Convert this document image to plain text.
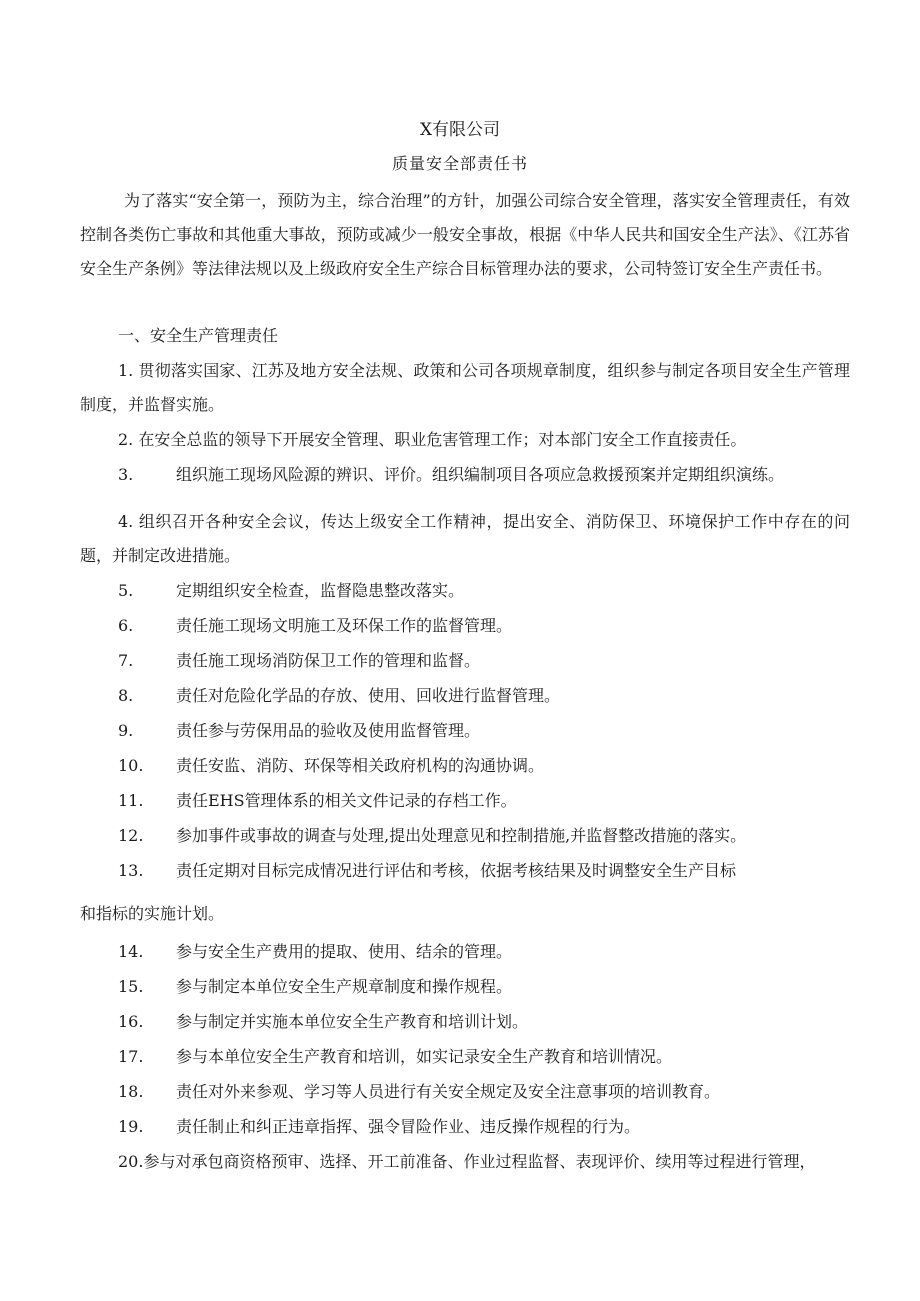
X有限公司
质量安全部责任书

为了落实“安全第一，预防为主，综合治理”的方针，加强公司综合安全管理，落实安全管理责任，有效控制各类伤亡事故和其他重大事故，预防或减少一般安全事故，根据《中华人民共和国安全生产法》、《江苏省安全生产条例》等法律法规以及上级政府安全生产综合目标管理办法的要求，公司特签订安全生产责任书。

一、安全生产管理责任

1. 贯彻落实国家、江苏及地方安全法规、政策和公司各项规章制度，组织参与制定各项目安全生产管理制度，并监督实施。

2. 在安全总监的领导下开展安全管理、职业危害管理工作；对本部门安全工作直接责任。
3.	组织施工现场风险源的辨识、评价。组织编制项目各项应急救援预案并定期组织演练。

4. 组织召开各种安全会议，传达上级安全工作精神，提出安全、消防保卫、环境保护工作中存在的问题，并制定改进措施。

5.	定期组织安全检查，监督隐患整改落实。
6.	责任施工现场文明施工及环保工作的监督管理。
7.	责任施工现场消防保卫工作的管理和监督。
8.	责任对危险化学品的存放、使用、回收进行监督管理。
9.	责任参与劳保用品的验收及使用监督管理。
10. 责任安监、消防、环保等相关政府机构的沟通协调。
11. 责任EHS管理体系的相关文件记录的存档工作。
12. 参加事件或事故的调查与处理,提出处理意见和控制措施,并监督整改措施的落实。
13. 责任定期对目标完成情况进行评估和考核，依据考核结果及时调整安全生产目标
和指标的实施计划。
14. 参与安全生产费用的提取、使用、结余的管理。
15. 参与制定本单位安全生产规章制度和操作规程。
16. 参与制定并实施本单位安全生产教育和培训计划。
17. 参与本单位安全生产教育和培训，如实记录安全生产教育和培训情况。
18. 责任对外来参观、学习等人员进行有关安全规定及安全注意事项的培训教育。
19. 责任制止和纠正违章指挥、强令冒险作业、违反操作规程的行为。
20.参与对承包商资格预审、选择、开工前准备、作业过程监督、表现评价、续用等过程进行管理，
